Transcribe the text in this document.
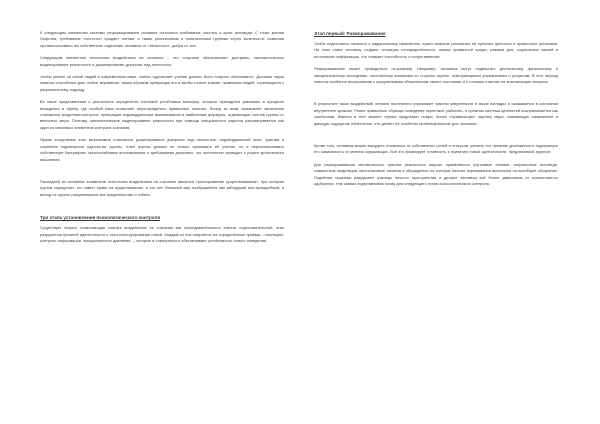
К следующим элементам системы реформирования сознания относится требование чистоты и культ исповеди. С точки зрения Лифтона, требование «чистоты» придает сектам, а также религиозным и политическим группам черты конечности, позволяя противопоставить им собственное отделение человека от «нечистого», добра от зла.

Следующим элементом технологии воздействия на сознание – это «научное обоснование» доктрины, лингвистическое моделирование реальности и доминирование доктрины над личностью.

Чтобы увлечь за собой людей в современном мире, любая «духовная» учение должно быть «научно обосновано». Дыхание науки кажется способным дать любое верование, таким образом превращая его в якобы точное знание, привлекая людей, стремящихся к рациональному подходу.

Во наше представления о реальности определены системой устойчивых метафор, которые приходится усваивать в процессе вхождения в группу, где особый язык позволяет переопределить привычные понятия. Вслед за этим «языковое» мышление становится средством контроля, превращая индивидуальные высказывания в шаблонные формулы, отделяющие членов группы от внешнего мира. Поэтому лингвистическое моделирование реальности при помощи специального жаргона рассматривается как один из ключевых элементов контроля сознания.

Ярким следствием этих механизмов становится доминирование доктрины над личностью: индивидуальный опыт, чувства и сомнения подчиняются идеологии группы. Член группы должен не только принимать её учение, но и переосмысливать собственную биографию, приспосабливая воспоминания к требованиям доктрины, что постепенно приводит к утрате критического мышления.

Последней из основных элементов технологии воздействия на сознание является «распоряжение существованием», при котором группа определяет, кто имеет право на существование, а кто нет. Внешний мир изображается как заблудший или враждебный, а выход из группы расценивается как предательство и гибель.

Три этапа установления психологического контроля

Существует теория, позволяющая описать воздействие на сознание как последовательность этапов: подготовительный, этап разрушения прежней идентичности и этап конструирования новой. Каждый из них опирается на определённые приемы – изоляцию, контроль информации, эмоциональное давление, – которые в совокупности обеспечивают устойчивость нового поведения.

Этап первый: Размораживание

Чтобы подготовить личность к радикальному изменению, нужно вначале расшатать её прежние ценности и привычные установки. На этом этапе человеку создают ситуацию неопределённости, лишая привычной среды, режима дня, социальных связей и источников информации, что снижает способность к сопротивлению.

Размораживание может проводиться по-разному. Например, человека могут подвергать длительному физическому и эмоциональному истощению, постоянному вниманию со стороны группы, повторяющимся упражнениям и ритуалам. В этот период новичок особенно восприимчив к предлагаемым объяснениям своего состояния и к готовым ответам на возникающие вопросы.

В результате таких воздействий человек постепенно утрачивает чувство уверенности в своих взглядах и оказывается в состоянии внутреннего кризиса. Ранее привычные образцы поведения перестают работать, а прежняя система ценностей воспринимается как ошибочная. Именно в этот момент группа предлагает новую, более «правильную» картину мира, снимающую напряжение и дающую ощущение облегчения, что делает её особенно привлекательной для человека.

Кроме того, человека можно вынудить отказаться от собственных ролей и статусов, унизить его прежние достижения и подчеркнуть его зависимость от мнения окружающих. Всё это формирует готовность к принятию новой идентичности, предлагаемой группой.

Для размораживания человеческого чувства реальности широко применяются групповые техники: откровенные исповеди, совместные медитации, многочасовые занятия и обсуждения, на которых личные переживания выносятся на всеобщее обозрение. Подобные практики разрушают границы личного пространства и делают человека всё более зависимым от коллективного одобрения, тем самым подготавливая почву для следующего этапа психологического контроля.
